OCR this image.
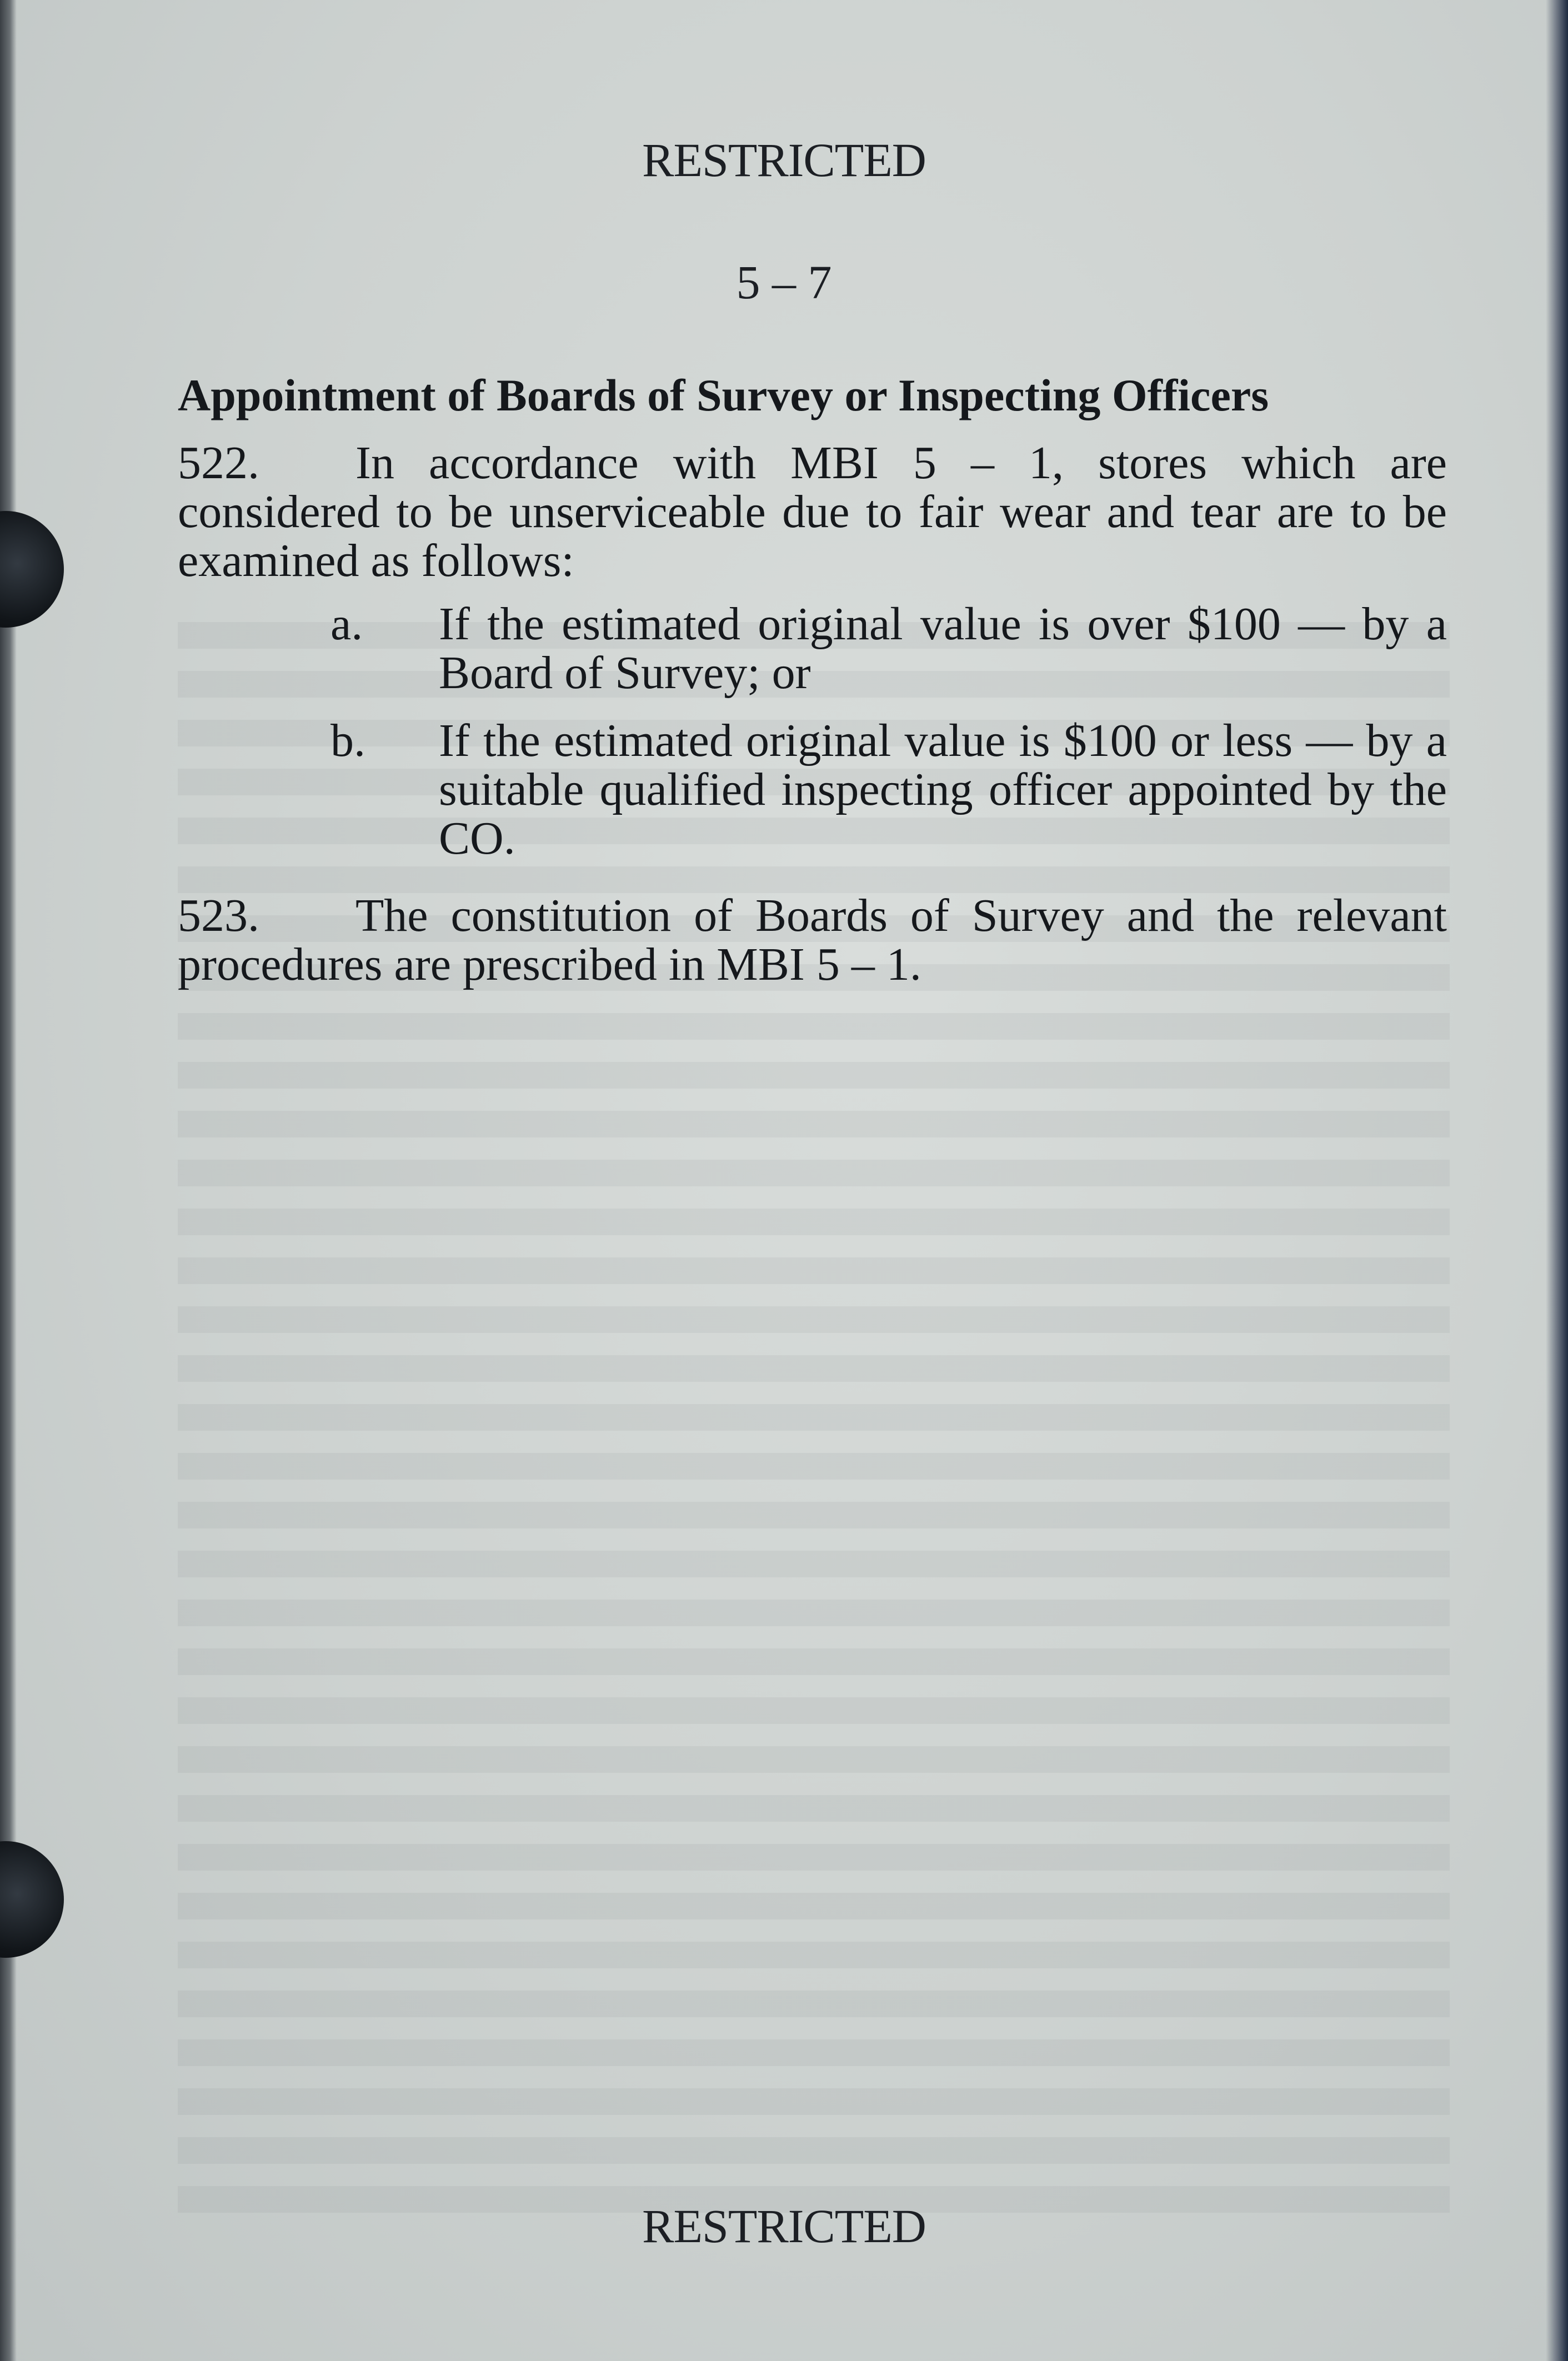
RESTRICTED
5 – 7
Appointment of Boards of Survey or Inspecting Officers
522. In accordance with MBI 5 – 1, stores which are considered to be unserviceable due to fair wear and tear are to be examined as follows:
a.	If the estimated original value is over $100 — by a Board of Survey; or
b.	If the estimated original value is $100 or less — by a suitable qualified inspecting officer appointed by the CO.
523. The constitution of Boards of Survey and the relevant procedures are prescribed in MBI 5 – 1.
RESTRICTED
